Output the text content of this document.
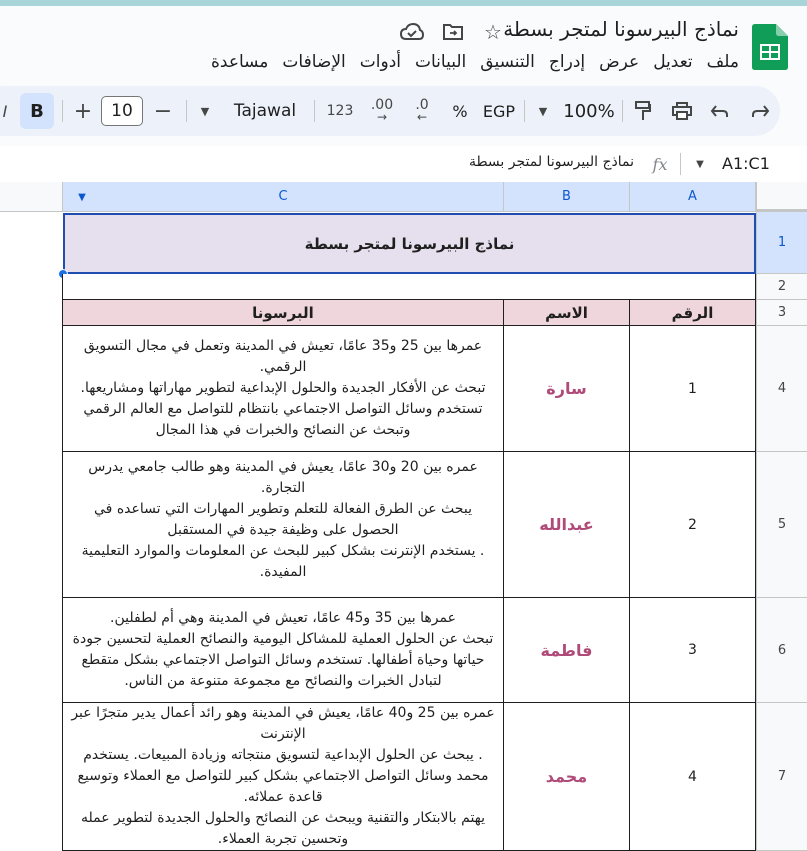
نماذج البيرسونا لمتجر بسطة
☆
ملف
تعديل
عرض
إدراج
التنسيق
البيانات
أدوات
الإضافات
مساعدة
100%
▼
EGP
%
.0
←
.00
→
123
Tajawal
▼
−
10
+
B
I
A1:C1
▼
fx
نماذج البيرسونا لمتجر بسطة
A
B
C
▼
1
2
3
4
5
6
7
نماذج البيرسونا لمتجر بسطة
الرقم
الاسم
البرسونا
1
سارة
عمرها بين 25 و35 عامًا، تعيش في المدينة وتعمل في مجال التسويق الرقمي.
تبحث عن الأفكار الجديدة والحلول الإبداعية لتطوير مهاراتها ومشاريعها.
تستخدم وسائل التواصل الاجتماعي بانتظام للتواصل مع العالم الرقمي وتبحث عن النصائح والخبرات في هذا المجال
2
عبدالله
عمره بين 20 و30 عامًا، يعيش في المدينة وهو طالب جامعي يدرس التجارة.
يبحث عن الطرق الفعالة للتعلم وتطوير المهارات التي تساعده في الحصول على وظيفة جيدة في المستقبل
. يستخدم الإنترنت بشكل كبير للبحث عن المعلومات والموارد التعليمية المفيدة.
3
فاطمة
عمرها بين 35 و45 عامًا، تعيش في المدينة وهي أم لطفلين.
تبحث عن الحلول العملية للمشاكل اليومية والنصائح العملية لتحسين جودة حياتها وحياة أطفالها. تستخدم وسائل التواصل الاجتماعي بشكل متقطع لتبادل الخبرات والنصائح مع مجموعة متنوعة من الناس.
4
محمد
عمره بين 25 و40 عامًا، يعيش في المدينة وهو رائد أعمال يدير متجرًا عبر الإنترنت
. يبحث عن الحلول الإبداعية لتسويق منتجاته وزيادة المبيعات. يستخدم محمد وسائل التواصل الاجتماعي بشكل كبير للتواصل مع العملاء وتوسيع قاعدة عملائه.
يهتم بالابتكار والتقنية ويبحث عن النصائح والحلول الجديدة لتطوير عمله وتحسين تجربة العملاء.
